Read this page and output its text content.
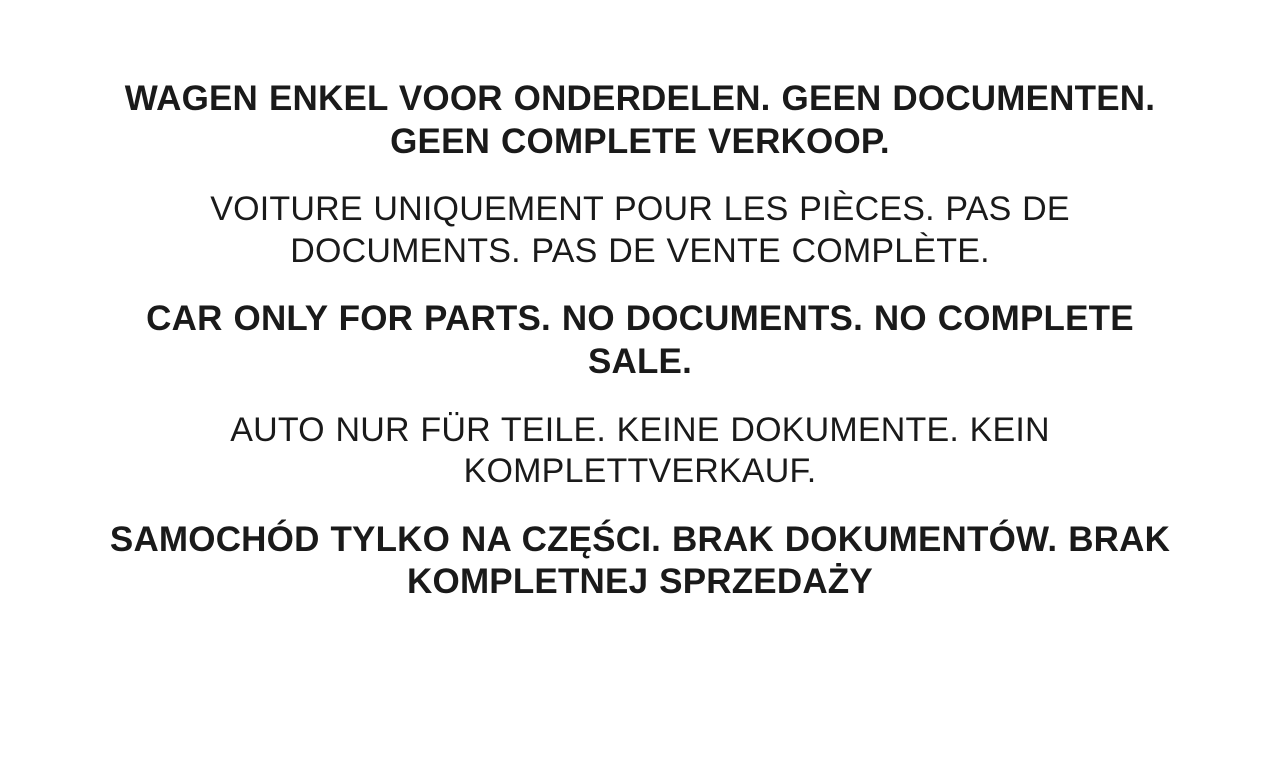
WAGEN ENKEL VOOR ONDERDELEN. GEEN DOCUMENTEN. GEEN COMPLETE VERKOOP.

VOITURE UNIQUEMENT POUR LES PIÈCES. PAS DE DOCUMENTS. PAS DE VENTE COMPLÈTE.

CAR ONLY FOR PARTS. NO DOCUMENTS. NO COMPLETE SALE.

AUTO NUR FÜR TEILE. KEINE DOKUMENTE. KEIN KOMPLETTVERKAUF.

SAMOCHÓD TYLKO NA CZĘŚCI. BRAK DOKUMENTÓW. BRAK KOMPLETNEJ SPRZEDAŻY
